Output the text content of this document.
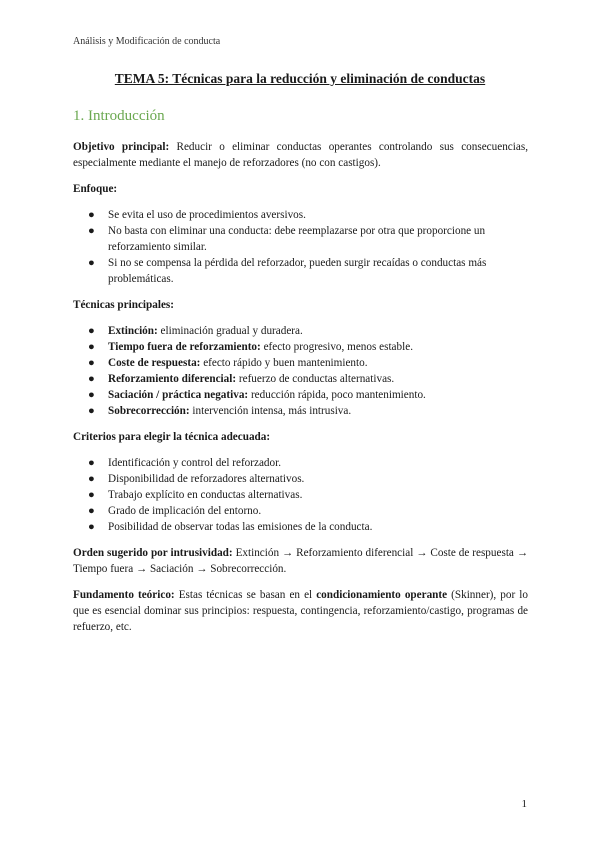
Análisis y Modificación de conducta
TEMA 5: Técnicas para la reducción y eliminación de conductas
1. Introducción

Objetivo principal: Reducir o eliminar conductas operantes controlando sus consecuencias, especialmente mediante el manejo de reforzadores (no con castigos).

Enfoque:

● Se evita el uso de procedimientos aversivos.
● No basta con eliminar una conducta: debe reemplazarse por otra que proporcione un reforzamiento similar.
● Si no se compensa la pérdida del reforzador, pueden surgir recaídas o conductas más problemáticas.

Técnicas principales:

● Extinción: eliminación gradual y duradera.
● Tiempo fuera de reforzamiento: efecto progresivo, menos estable.
● Coste de respuesta: efecto rápido y buen mantenimiento.
● Reforzamiento diferencial: refuerzo de conductas alternativas.
● Saciación / práctica negativa: reducción rápida, poco mantenimiento.
● Sobrecorrección: intervención intensa, más intrusiva.

Criterios para elegir la técnica adecuada:

● Identificación y control del reforzador.
● Disponibilidad de reforzadores alternativos.
● Trabajo explícito en conductas alternativas.
● Grado de implicación del entorno.
● Posibilidad de observar todas las emisiones de la conducta.

Orden sugerido por intrusividad: Extinción → Reforzamiento diferencial → Coste de respuesta → Tiempo fuera → Saciación → Sobrecorrección.

Fundamento teórico: Estas técnicas se basan en el condicionamiento operante (Skinner), por lo que es esencial dominar sus principios: respuesta, contingencia, reforzamiento/castigo, programas de refuerzo, etc.

1
